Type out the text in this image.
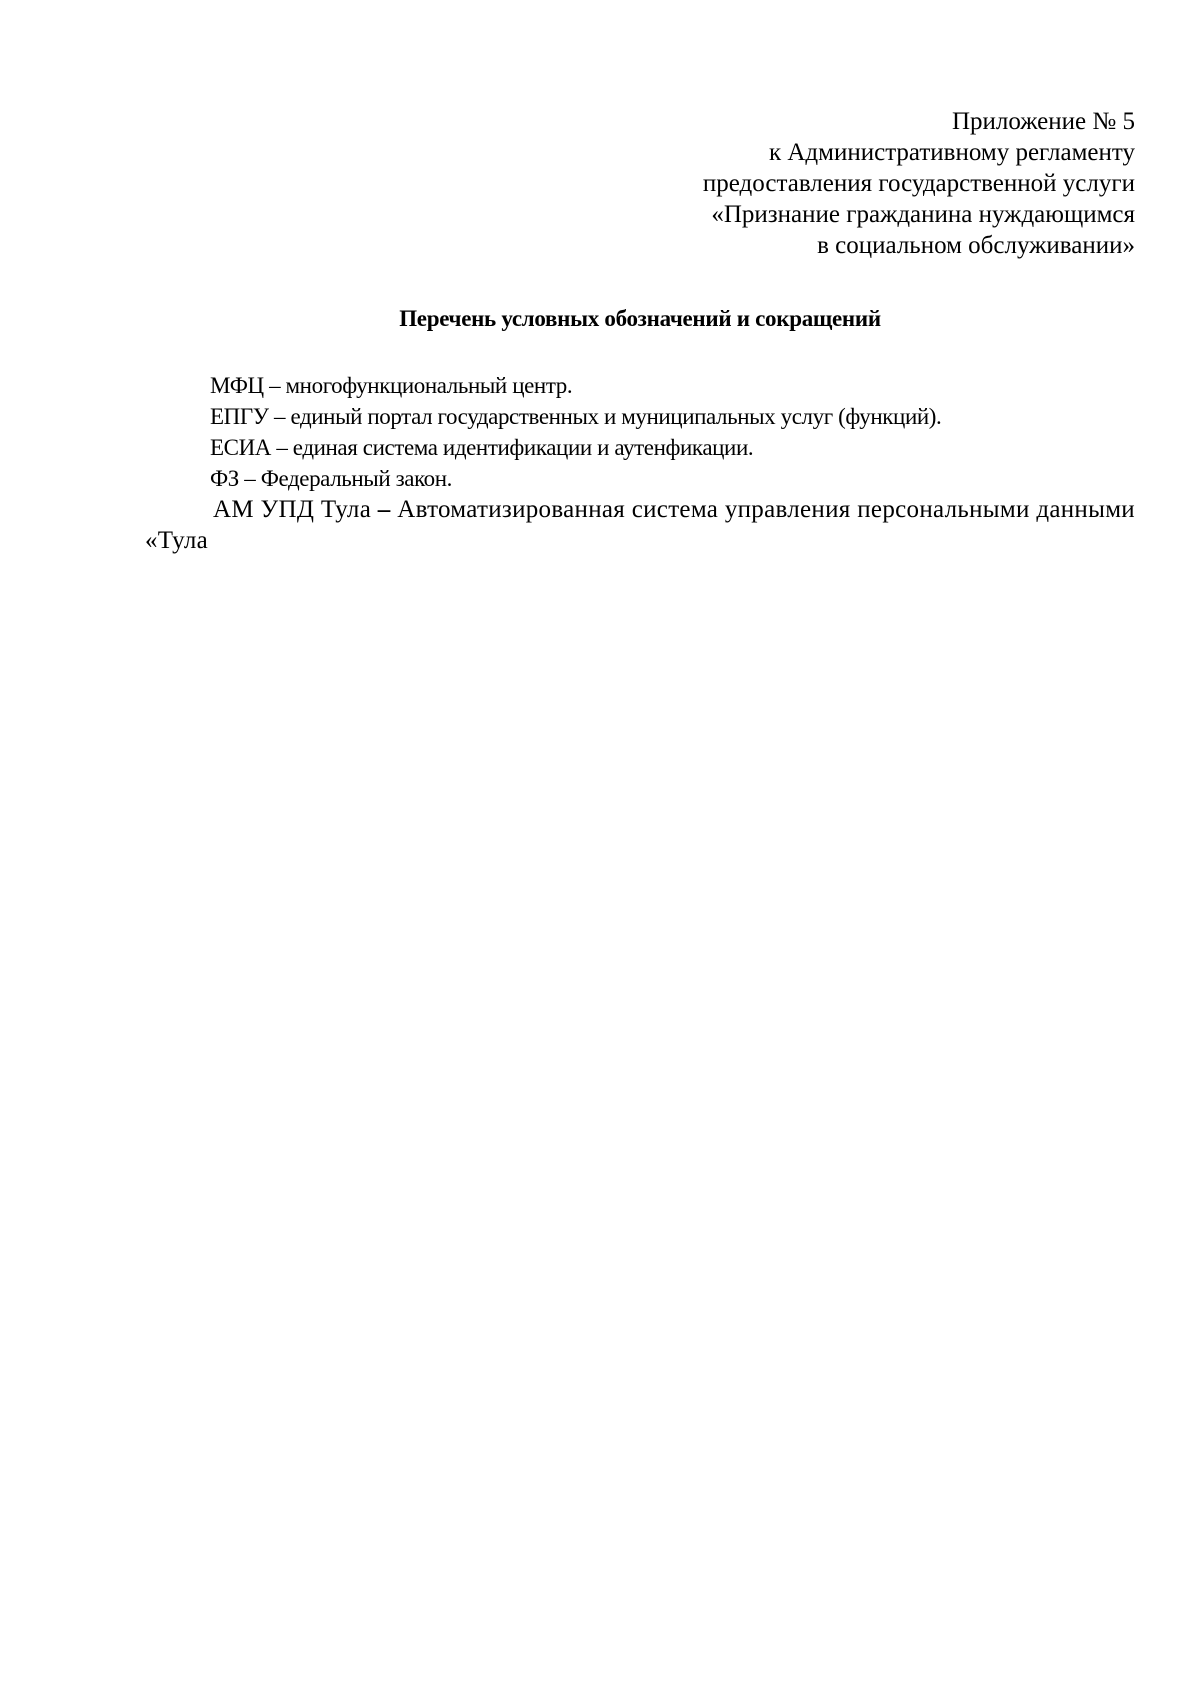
Приложение № 5
к Административному регламенту
предоставления государственной услуги
«Признание гражданина нуждающимся
в социальном обслуживании»
Перечень условных обозначений и сокращений
МФЦ – многофункциональный центр.
ЕПГУ – единый портал государственных и муниципальных услуг (функций).
ЕСИА – единая система идентификации и аутенфикации.
ФЗ – Федеральный закон.
АМ УПД Тула – Автоматизированная система управления персональными данными «Тула
